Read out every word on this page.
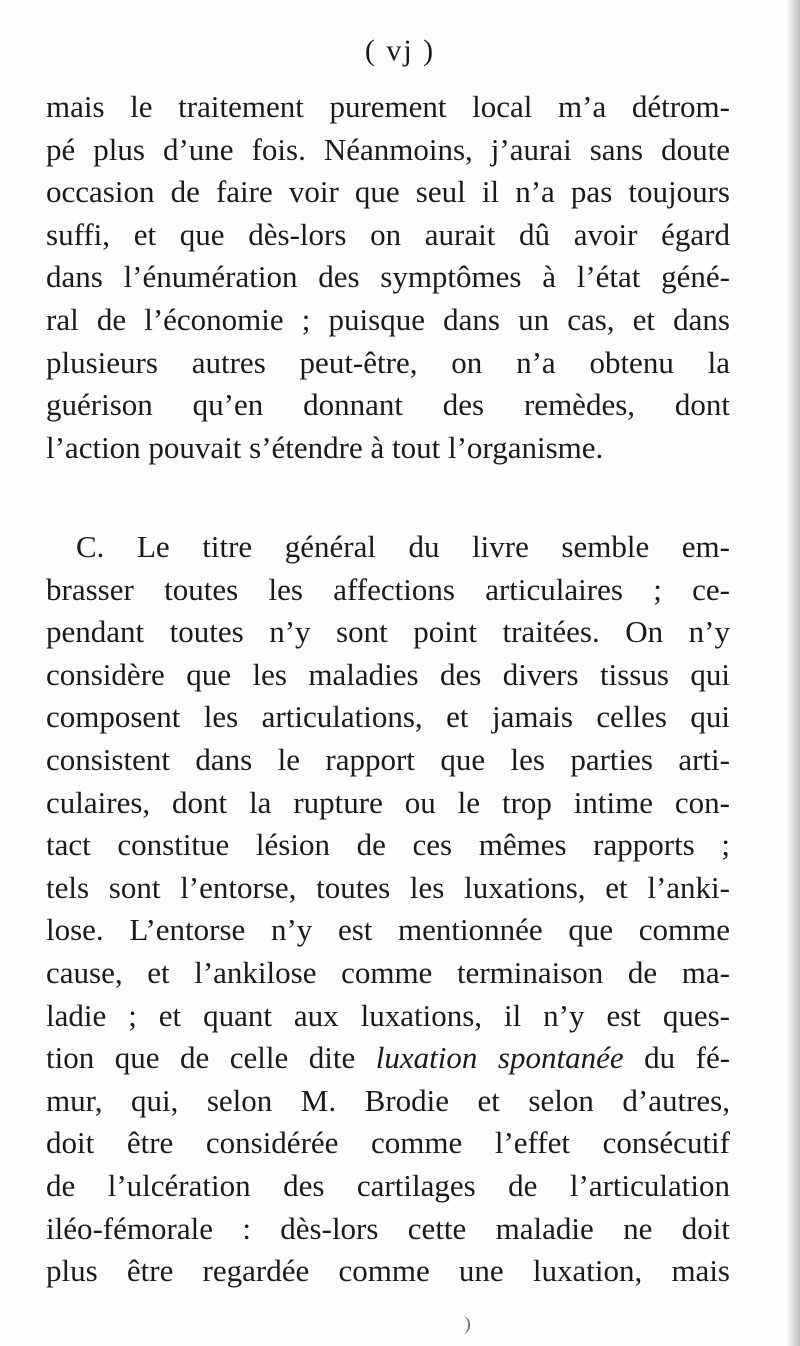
( vj )
mais le traitement purement local m’a détrom-
pé plus d’une fois. Néanmoins, j’aurai sans doute
occasion de faire voir que seul il n’a pas toujours
suffi, et que dès-lors on aurait dû avoir égard
dans l’énumération des symptômes à l’état géné-
ral de l’économie ; puisque dans un cas, et dans
plusieurs autres peut-être, on n’a obtenu la
guérison qu’en donnant des remèdes, dont
l’action pouvait s’étendre à tout l’organisme.
C. Le titre général du livre semble em-
brasser toutes les affections articulaires ; ce-
pendant toutes n’y sont point traitées. On n’y
considère que les maladies des divers tissus qui
composent les articulations, et jamais celles qui
consistent dans le rapport que les parties arti-
culaires, dont la rupture ou le trop intime con-
tact constitue lésion de ces mêmes rapports ;
tels sont l’entorse, toutes les luxations, et l’anki-
lose. L’entorse n’y est mentionnée que comme
cause, et l’ankilose comme terminaison de ma-
ladie ; et quant aux luxations, il n’y est ques-
tion que de celle dite luxation spontanée du fé-
mur, qui, selon M. Brodie et selon d’autres,
doit être considérée comme l’effet consécutif
de l’ulcération des cartilages de l’articulation
iléo-fémorale : dès-lors cette maladie ne doit
plus être regardée comme une luxation, mais
